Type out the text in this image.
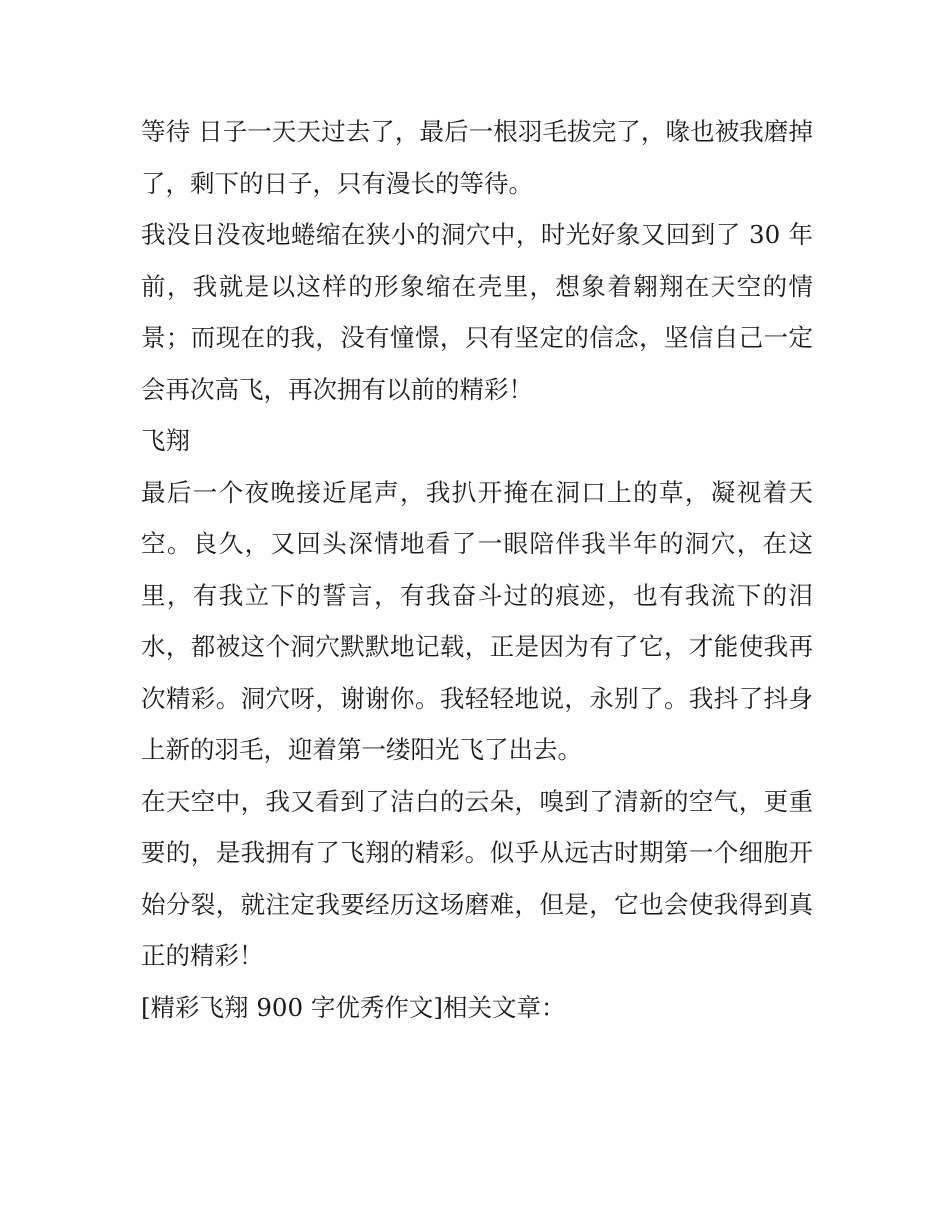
等待 日子一天天过去了，最后一根羽毛拔完了，喙也被我磨掉了，剩下的日子，只有漫长的等待。

我没日没夜地蜷缩在狭小的洞穴中，时光好象又回到了 30 年前，我就是以这样的形象缩在壳里，想象着翱翔在天空的情景；而现在的我，没有憧憬，只有坚定的信念，坚信自己一定会再次高飞，再次拥有以前的精彩！

飞翔

最后一个夜晚接近尾声，我扒开掩在洞口上的草，凝视着天空。良久，又回头深情地看了一眼陪伴我半年的洞穴，在这里，有我立下的誓言，有我奋斗过的痕迹，也有我流下的泪水，都被这个洞穴默默地记载，正是因为有了它，才能使我再次精彩。洞穴呀，谢谢你。我轻轻地说，永别了。我抖了抖身上新的羽毛，迎着第一缕阳光飞了出去。

在天空中，我又看到了洁白的云朵，嗅到了清新的空气，更重要的，是我拥有了飞翔的精彩。似乎从远古时期第一个细胞开始分裂，就注定我要经历这场磨难，但是，它也会使我得到真正的精彩！

[精彩飞翔 900 字优秀作文]相关文章：
